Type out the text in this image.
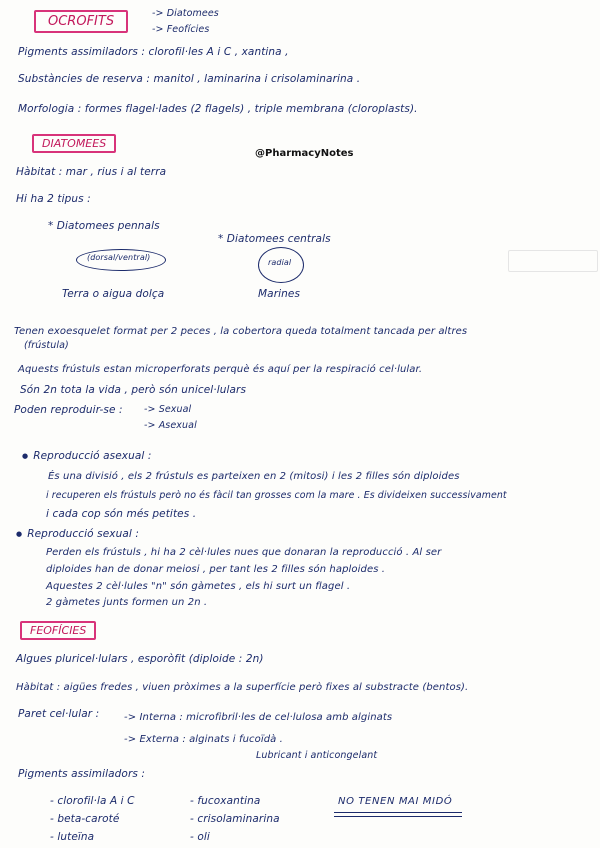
OCROFITS
-> Diatomees
-> Feofícies
Pigments assimiladors : clorofil·les A i C , xantina ,
Substàncies de reserva : manitol , laminarina i crisolaminarina .
Morfologia : formes flagel·lades (2 flagels) , triple membrana (cloroplasts).
DIATOMEES
@PharmacyNotes
Hàbitat : mar , rius i al terra
Hi ha 2 tipus :
* Diatomees pennals
* Diatomees centrals
(dorsal/ventral)
radial
Terra o aigua dolça	Marines
Tenen exoesquelet format per 2 peces , la cobertora queda totalment tancada per altres
(frústula)
Aquests frústuls estan microperforats perquè és aquí per la respiració cel·lular.
Són 2n tota la vida , però són unicel·lulars
Poden reproduir-se : -> Sexual
-> Asexual
● Reproducció asexual :
És una divisió , els 2 frústuls es parteixen en 2 (mitosi) i les 2 filles són diploides
i recuperen els frústuls però no és fàcil tan grosses com la mare . Es divideixen successivament
i cada cop són més petites .
● Reproducció sexual :
Perden els frústuls , hi ha 2 cèl·lules nues que donaran la reproducció . Al ser
diploides han de donar meiosi , per tant les 2 filles són haploides .
Aquestes 2 cèl·lules "n" són gàmetes , els hi surt un flagel .
2 gàmetes junts formen un 2n .
FEOFÍCIES
Algues pluricel·lulars , esporòfit (diploide : 2n)
Hàbitat : aigües fredes , viuen pròximes a la superfície però fixes al substracte (bentos).
Paret cel·lular : -> Interna : microfibril·les de cel·lulosa amb alginats
-> Externa : alginats i fucoïdà .
Lubricant i anticongelant
Pigments assimiladors :
- clorofil·la A i C
- beta-caroté
- luteïna
- fucoxantina
- crisolaminarina
- oli
NO TENEN MAI MIDÓ
